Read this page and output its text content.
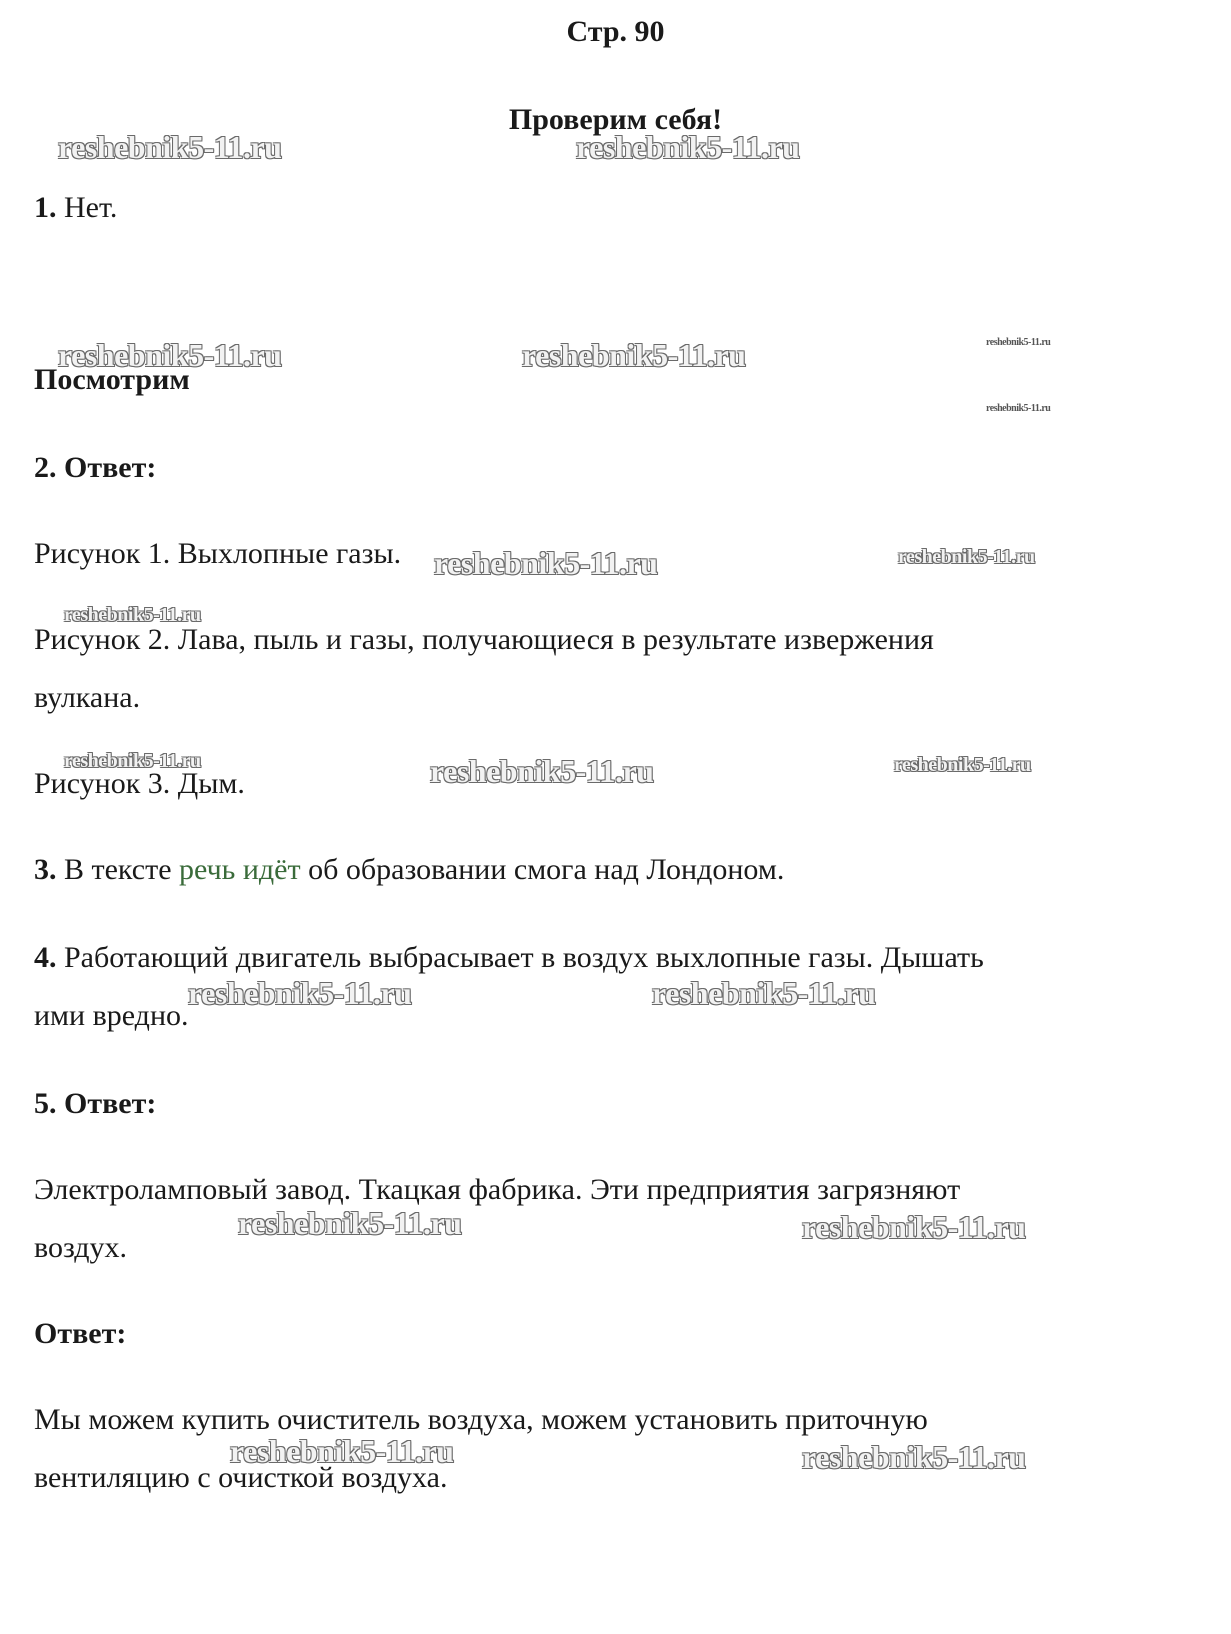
Стр. 90
Проверим себя!
1. Нет.
Посмотрим
2. Ответ:
Рисунок 1. Выхлопные газы.
Рисунок 2. Лава, пыль и газы, получающиеся в результате извержения
вулкана.
Рисунок 3. Дым.
3. В тексте речь идёт об образовании смога над Лондоном.
4. Работающий двигатель выбрасывает в воздух выхлопные газы. Дышать
ими вредно.
5. Ответ:
Электроламповый завод. Ткацкая фабрика. Эти предприятия загрязняют
воздух.
Ответ:
Мы можем купить очиститель воздуха, можем установить приточную
вентиляцию с очисткой воздуха.
reshebnik5-11.ru	reshebnik5-11.ru
reshebnik5-11.ru	reshebnik5-11.ru	reshebnik5-11.ru
reshebnik5-11.ru
reshebnik5-11.ru	reshebnik5-11.ru
reshebnik5-11.ru
reshebnik5-11.ru	reshebnik5-11.ru	reshebnik5-11.ru
reshebnik5-11.ru	reshebnik5-11.ru
reshebnik5-11.ru	reshebnik5-11.ru
reshebnik5-11.ru	reshebnik5-11.ru
